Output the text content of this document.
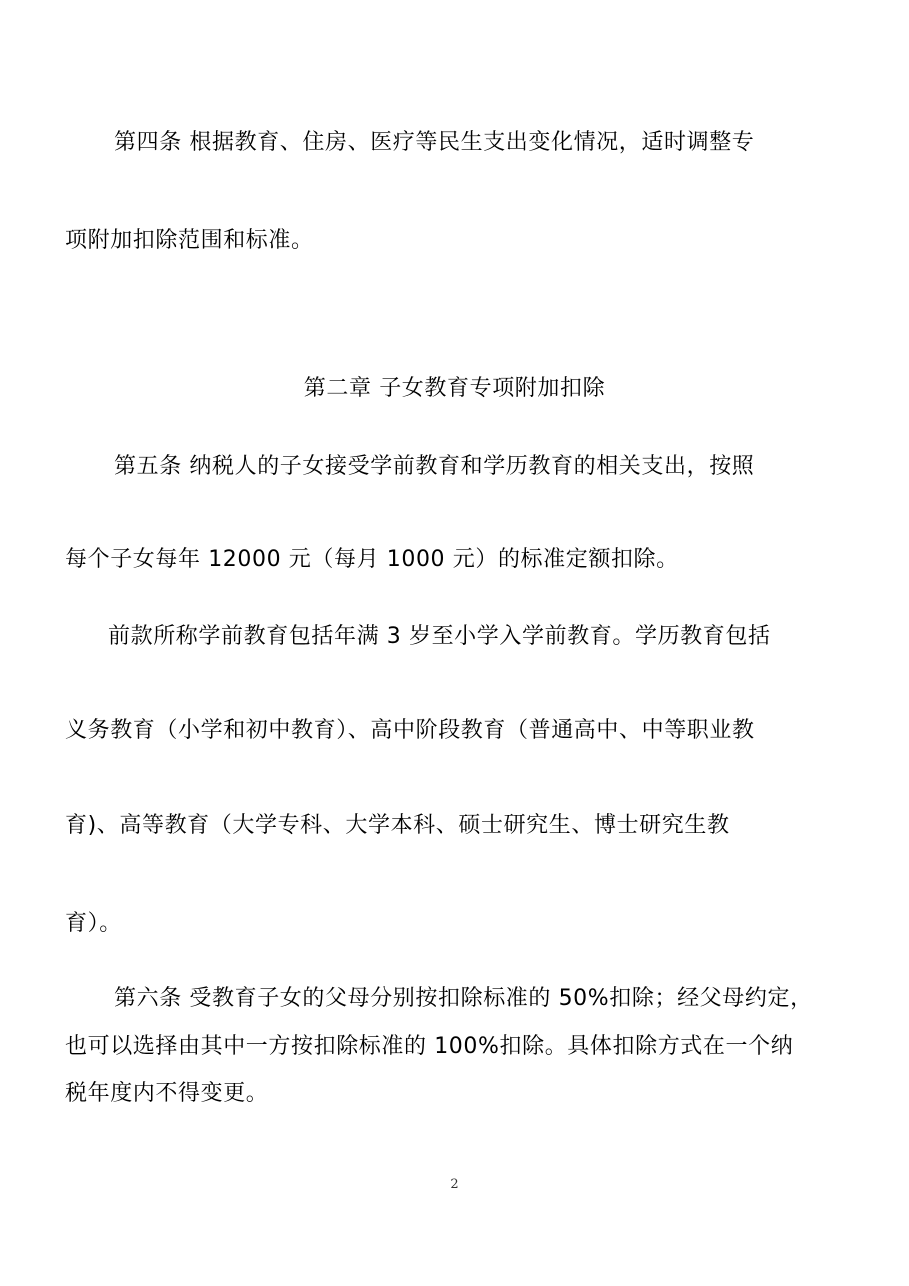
第四条 根据教育、住房、医疗等民生支出变化情况，适时调整专
项附加扣除范围和标准。
第二章 子女教育专项附加扣除
第五条 纳税人的子女接受学前教育和学历教育的相关支出，按照
每个子女每年 12000 元（每月 1000 元）的标准定额扣除。
前款所称学前教育包括年满 3 岁至小学入学前教育。学历教育包括
义务教育（小学和初中教育）、高中阶段教育（普通高中、中等职业教
育)、高等教育（大学专科、大学本科、硕士研究生、博士研究生教
育）。
第六条 受教育子女的父母分别按扣除标准的 50%扣除；经父母约定，
也可以选择由其中一方按扣除标准的 100%扣除。具体扣除方式在一个纳
税年度内不得变更。
2
